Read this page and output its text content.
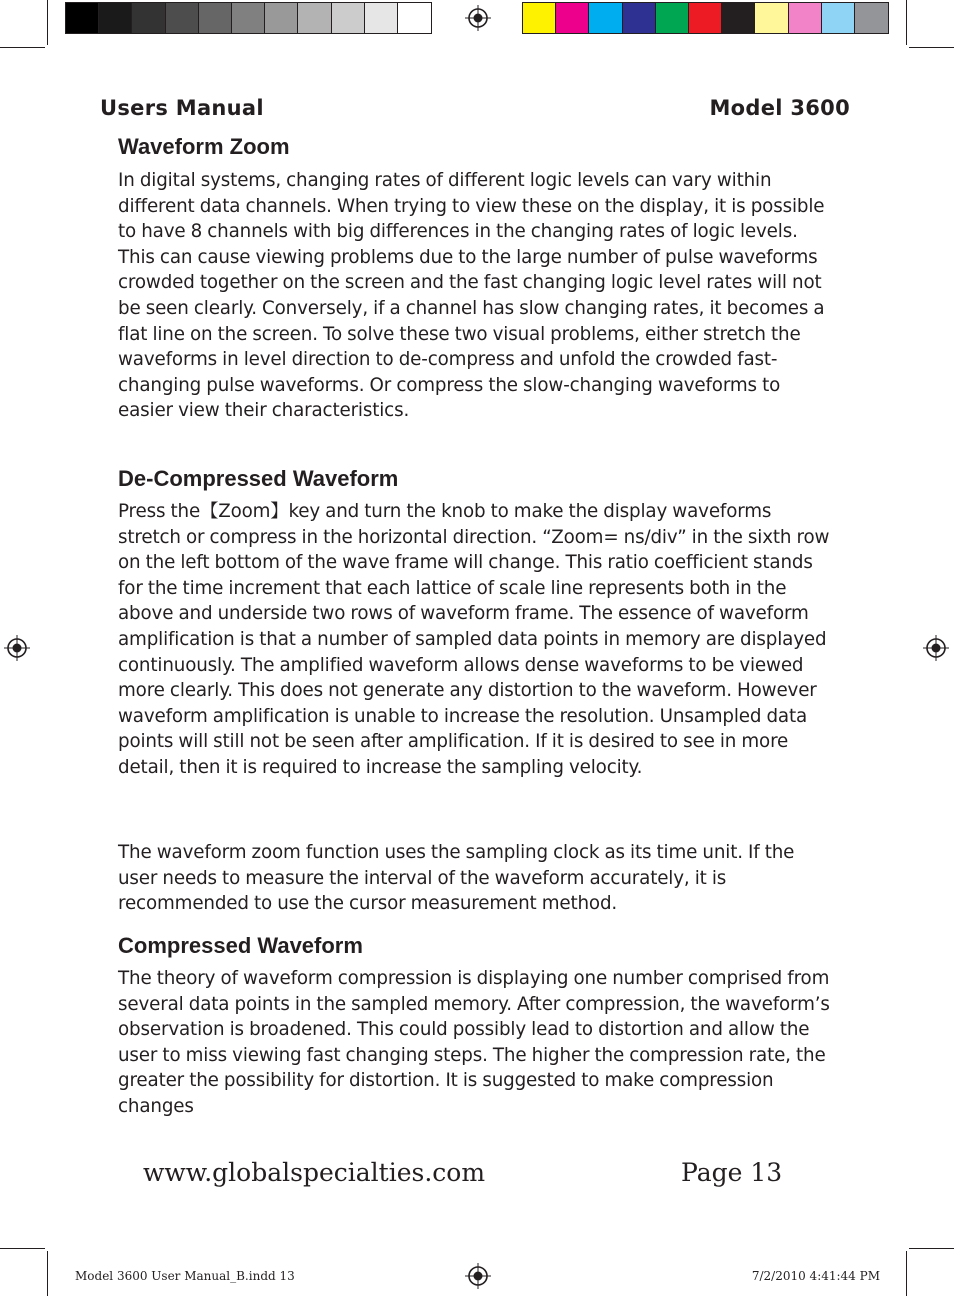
Users Manual	Model 3600
Waveform Zoom

In digital systems, changing rates of different logic levels can vary within different data channels. When trying to view these on the display, it is possible to have 8 channels with big differences in the changing rates of logic levels. This can cause viewing problems due to the large number of pulse waveforms crowded together on the screen and the fast changing logic level rates will not be seen clearly. Conversely, if a channel has slow changing rates, it becomes a flat line on the screen. To solve these two visual problems, either stretch the waveforms in level direction to de-compress and unfold the crowded fast-changing pulse waveforms. Or compress the slow-changing waveforms to easier view their characteristics.

De-Compressed Waveform

Press the【Zoom】key and turn the knob to make the display waveforms stretch or compress in the horizontal direction. “Zoom= ns/div” in the sixth row on the left bottom of the wave frame will change. This ratio coefficient stands for the time increment that each lattice of scale line represents both in the above and underside two rows of waveform frame. The essence of waveform amplification is that a number of sampled data points in memory are displayed continuously. The amplified waveform allows dense waveforms to be viewed more clearly. This does not generate any distortion to the waveform. However waveform amplification is unable to increase the resolution. Unsampled data points will still not be seen after amplification. If it is desired to see in more detail, then it is required to increase the sampling velocity.

The waveform zoom function uses the sampling clock as its time unit. If the user needs to measure the interval of the waveform accurately, it is recommended to use the cursor measurement method.

Compressed Waveform

The theory of waveform compression is displaying one number comprised from several data points in the sampled memory. After compression, the waveform’s observation is broadened. This could possibly lead to distortion and allow the user to miss viewing fast changing steps. The higher the compression rate, the greater the possibility for distortion. It is suggested to make compression changes

www.globalspecialties.com	Page 13
Model 3600 User Manual_B.indd 13	7/2/2010 4:41:44 PM
